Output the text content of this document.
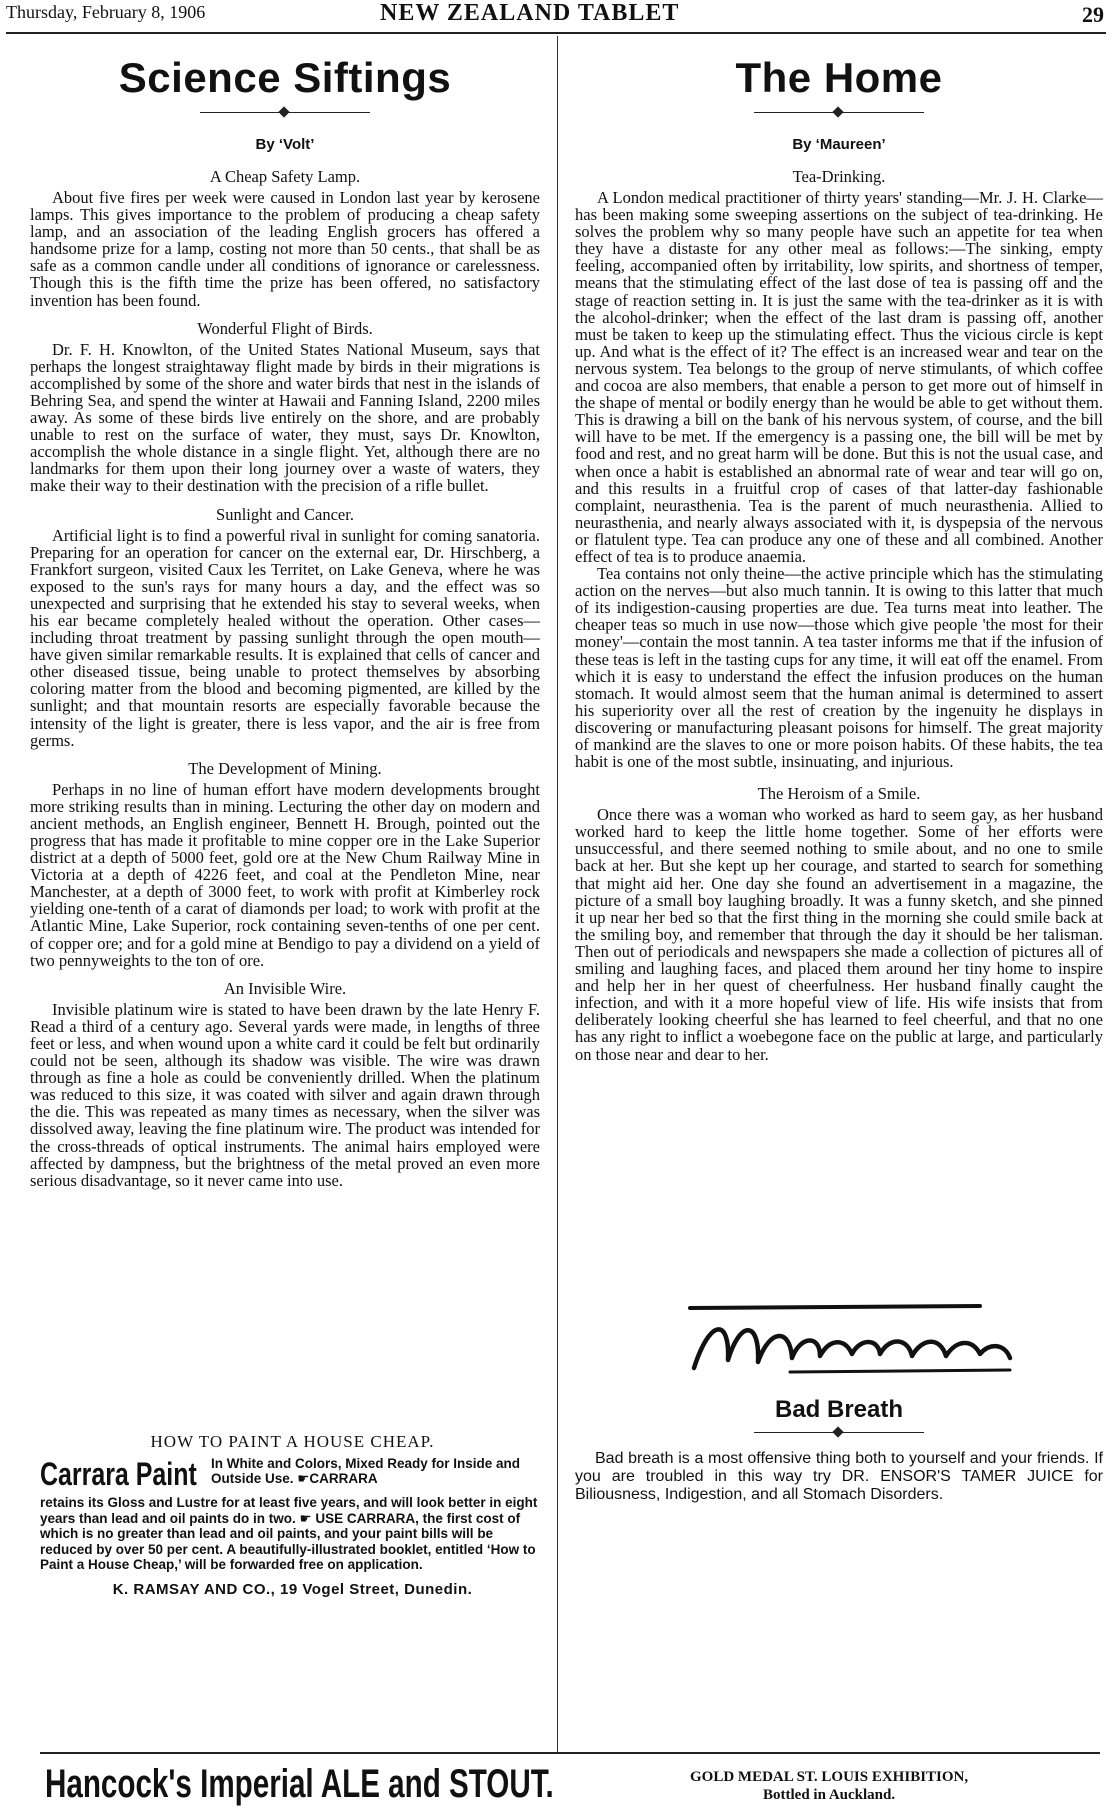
Thursday, February 8, 1906	NEW ZEALAND TABLET	29
Science Siftings
By ‘Volt’
A Cheap Safety Lamp.

About five fires per week were caused in London last year by kerosene lamps. This gives importance to the problem of producing a cheap safety lamp, and an association of the leading English grocers has offered a handsome prize for a lamp, costing not more than 50 cents., that shall be as safe as a common candle under all conditions of ignorance or carelessness. Though this is the fifth time the prize has been offered, no satisfactory invention has been found.

Wonderful Flight of Birds.

Dr. F. H. Knowlton, of the United States National Museum, says that perhaps the longest straightaway flight made by birds in their migrations is accomplished by some of the shore and water birds that nest in the islands of Behring Sea, and spend the winter at Hawaii and Fanning Island, 2200 miles away. As some of these birds live entirely on the shore, and are probably unable to rest on the surface of water, they must, says Dr. Knowlton, accomplish the whole distance in a single flight. Yet, although there are no landmarks for them upon their long journey over a waste of waters, they make their way to their destination with the precision of a rifle bullet.

Sunlight and Cancer.

Artificial light is to find a powerful rival in sunlight for coming sanatoria. Preparing for an operation for cancer on the external ear, Dr. Hirschberg, a Frankfort surgeon, visited Caux les Territet, on Lake Geneva, where he was exposed to the sun's rays for many hours a day, and the effect was so unexpected and surprising that he extended his stay to several weeks, when his ear became completely healed without the operation. Other cases—including throat treatment by passing sunlight through the open mouth—have given similar remarkable results. It is explained that cells of cancer and other diseased tissue, being unable to protect themselves by absorbing coloring matter from the blood and becoming pigmented, are killed by the sunlight; and that mountain resorts are especially favorable because the intensity of the light is greater, there is less vapor, and the air is free from germs.

The Development of Mining.

Perhaps in no line of human effort have modern developments brought more striking results than in mining. Lecturing the other day on modern and ancient methods, an English engineer, Bennett H. Brough, pointed out the progress that has made it profitable to mine copper ore in the Lake Superior district at a depth of 5000 feet, gold ore at the New Chum Railway Mine in Victoria at a depth of 4226 feet, and coal at the Pendleton Mine, near Manchester, at a depth of 3000 feet, to work with profit at Kimberley rock yielding one-tenth of a carat of diamonds per load; to work with profit at the Atlantic Mine, Lake Superior, rock containing seven-tenths of one per cent. of copper ore; and for a gold mine at Bendigo to pay a dividend on a yield of two pennyweights to the ton of ore.

An Invisible Wire.

Invisible platinum wire is stated to have been drawn by the late Henry F. Read a third of a century ago. Several yards were made, in lengths of three feet or less, and when wound upon a white card it could be felt but ordinarily could not be seen, although its shadow was visible. The wire was drawn through as fine a hole as could be conveniently drilled. When the platinum was reduced to this size, it was coated with silver and again drawn through the die. This was repeated as many times as necessary, when the silver was dissolved away, leaving the fine platinum wire. The product was intended for the cross-threads of optical instruments. The animal hairs employed were affected by dampness, but the brightness of the metal proved an even more serious disadvantage, so it never came into use.

HOW TO PAINT A HOUSE CHEAP.
Carrara Paint In White and Colors, Mixed Ready for Inside and Outside Use. ☛CARRARA
retains its Gloss and Lustre for at least five years, and will look better in eight years than lead and oil paints do in two. ☛ USE CARRARA, the first cost of which is no greater than lead and oil paints, and your paint bills will be reduced by over 50 per cent. A beautifully-illustrated booklet, entitled ‘How to Paint a House Cheap,’ will be forwarded free on application.
K. RAMSAY AND CO., 19 Vogel Street, Dunedin.
The Home
By ‘Maureen’
Tea-Drinking.

A London medical practitioner of thirty years' standing—Mr. J. H. Clarke—has been making some sweeping assertions on the subject of tea-drinking. He solves the problem why so many people have such an appetite for tea when they have a distaste for any other meal as follows:—The sinking, empty feeling, accompanied often by irritability, low spirits, and shortness of temper, means that the stimulating effect of the last dose of tea is passing off and the stage of reaction setting in. It is just the same with the tea-drinker as it is with the alcohol-drinker; when the effect of the last dram is passing off, another must be taken to keep up the stimulating effect. Thus the vicious circle is kept up. And what is the effect of it? The effect is an increased wear and tear on the nervous system. Tea belongs to the group of nerve stimulants, of which coffee and cocoa are also members, that enable a person to get more out of himself in the shape of mental or bodily energy than he would be able to get without them. This is drawing a bill on the bank of his nervous system, of course, and the bill will have to be met. If the emergency is a passing one, the bill will be met by food and rest, and no great harm will be done. But this is not the usual case, and when once a habit is established an abnormal rate of wear and tear will go on, and this results in a fruitful crop of cases of that latter-day fashionable complaint, neurasthenia. Tea is the parent of much neurasthenia. Allied to neurasthenia, and nearly always associated with it, is dyspepsia of the nervous or flatulent type. Tea can produce any one of these and all combined. Another effect of tea is to produce anaemia.

Tea contains not only theine—the active principle which has the stimulating action on the nerves—but also much tannin. It is owing to this latter that much of its indigestion-causing properties are due. Tea turns meat into leather. The cheaper teas so much in use now—those which give people 'the most for their money'—contain the most tannin. A tea taster informs me that if the infusion of these teas is left in the tasting cups for any time, it will eat off the enamel. From which it is easy to understand the effect the infusion produces on the human stomach. It would almost seem that the human animal is determined to assert his superiority over all the rest of creation by the ingenuity he displays in discovering or manufacturing pleasant poisons for himself. The great majority of mankind are the slaves to one or more poison habits. Of these habits, the tea habit is one of the most subtle, insinuating, and injurious.

The Heroism of a Smile.

Once there was a woman who worked as hard to seem gay, as her husband worked hard to keep the little home together. Some of her efforts were unsuccessful, and there seemed nothing to smile about, and no one to smile back at her. But she kept up her courage, and started to search for something that might aid her. One day she found an advertisement in a magazine, the picture of a small boy laughing broadly. It was a funny sketch, and she pinned it up near her bed so that the first thing in the morning she could smile back at the smiling boy, and remember that through the day it should be her talisman. Then out of periodicals and newspapers she made a collection of pictures all of smiling and laughing faces, and placed them around her tiny home to inspire and help her in her quest of cheerfulness. Her husband finally caught the infection, and with it a more hopeful view of life. His wife insists that from deliberately looking cheerful she has learned to feel cheerful, and that no one has any right to inflict a woebegone face on the public at large, and particularly on those near and dear to her.

Bad Breath
Bad breath is a most offensive thing both to yourself and your friends. If you are troubled in this way try DR. ENSOR'S TAMER JUICE for Biliousness, Indigestion, and all Stomach Disorders.
Hancock's Imperial ALE and STOUT.	GOLD MEDAL ST. LOUIS EXHIBITION,
Bottled in Auckland.
